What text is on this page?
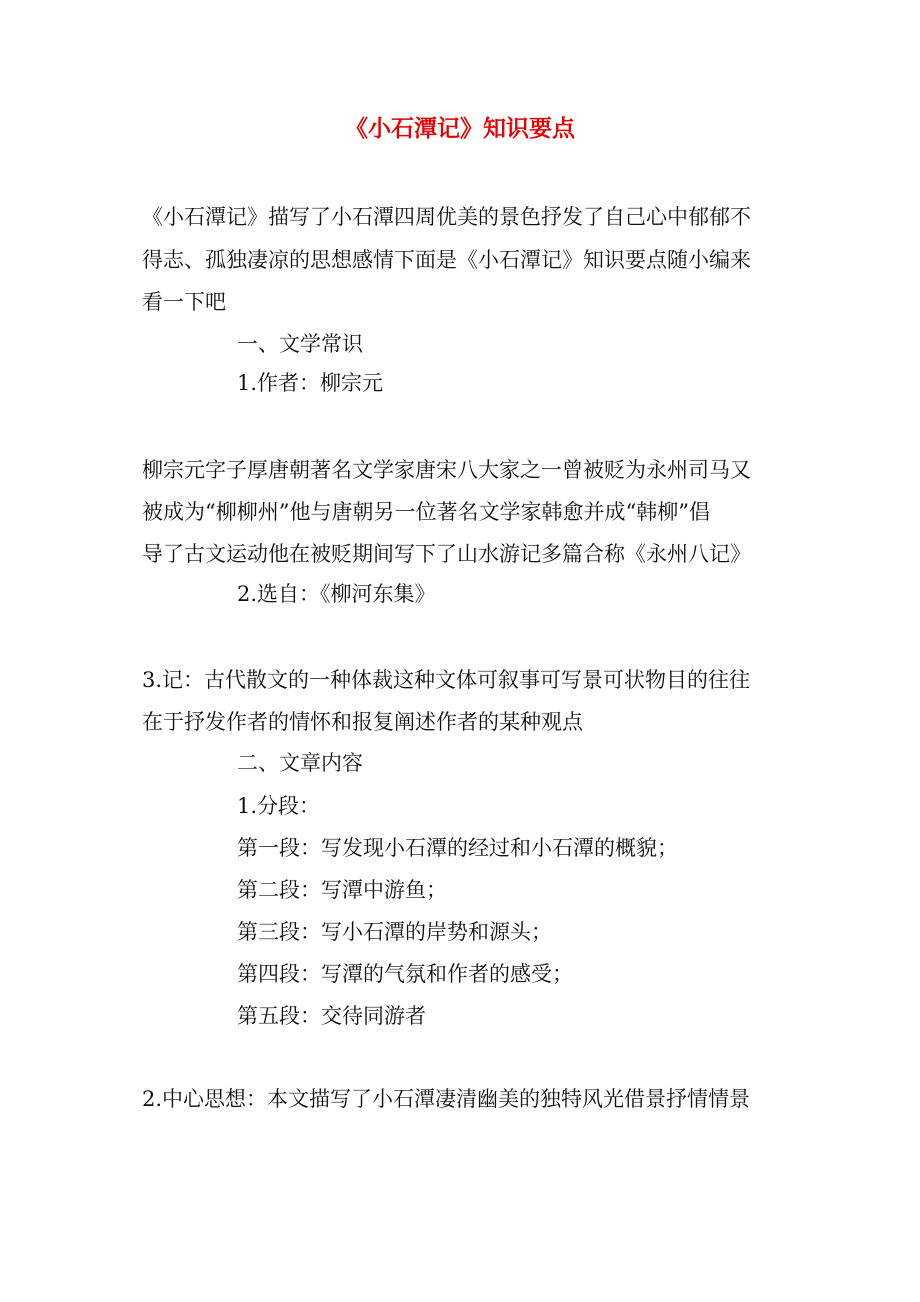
《小石潭记》知识要点

《小石潭记》描写了小石潭四周优美的景色抒发了自己心中郁郁不

得志、孤独凄凉的思想感情下面是《小石潭记》知识要点随小编来

看一下吧

一、文学常识

1.作者：柳宗元

柳宗元字子厚唐朝著名文学家唐宋八大家之一曾被贬为永州司马又

被成为“柳柳州”他与唐朝另一位著名文学家韩愈并成“韩柳”倡

导了古文运动他在被贬期间写下了山水游记多篇合称《永州八记》

2.选自：《柳河东集》

3.记：古代散文的一种体裁这种文体可叙事可写景可状物目的往往

在于抒发作者的情怀和报复阐述作者的某种观点

二、文章内容

1.分段：

第一段：写发现小石潭的经过和小石潭的概貌；

第二段：写潭中游鱼；

第三段：写小石潭的岸势和源头；

第四段：写潭的气氛和作者的感受；

第五段：交待同游者

2.中心思想：本文描写了小石潭凄清幽美的独特风光借景抒情情景
